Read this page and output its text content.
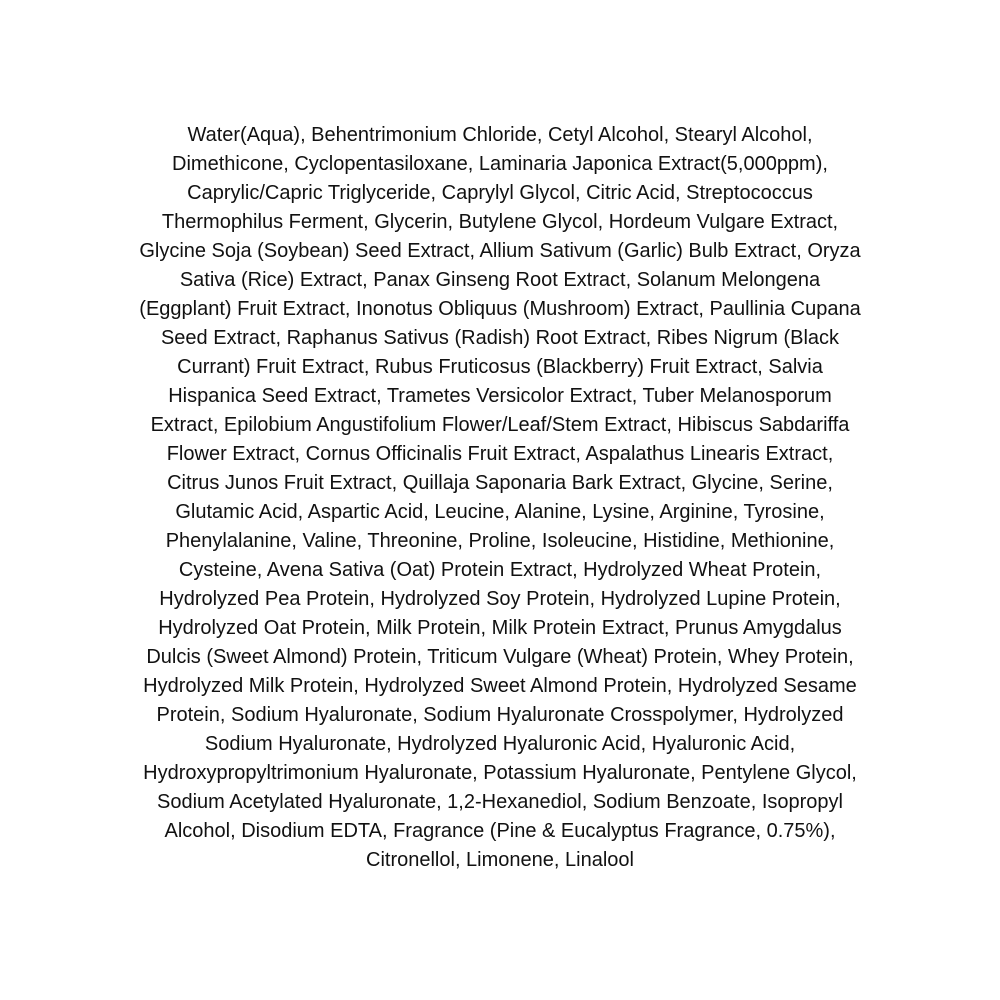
Water(Aqua), Behentrimonium Chloride, Cetyl Alcohol, Stearyl Alcohol,
Dimethicone, Cyclopentasiloxane, Laminaria Japonica Extract(5,000ppm),
Caprylic/Capric Triglyceride, Caprylyl Glycol, Citric Acid, Streptococcus
Thermophilus Ferment, Glycerin, Butylene Glycol, Hordeum Vulgare Extract,
Glycine Soja (Soybean) Seed Extract, Allium Sativum (Garlic) Bulb Extract, Oryza
Sativa (Rice) Extract, Panax Ginseng Root Extract, Solanum Melongena
(Eggplant) Fruit Extract, Inonotus Obliquus (Mushroom) Extract, Paullinia Cupana
Seed Extract, Raphanus Sativus (Radish) Root Extract, Ribes Nigrum (Black
Currant) Fruit Extract, Rubus Fruticosus (Blackberry) Fruit Extract, Salvia
Hispanica Seed Extract, Trametes Versicolor Extract, Tuber Melanosporum
Extract, Epilobium Angustifolium Flower/Leaf/Stem Extract, Hibiscus Sabdariffa
Flower Extract, Cornus Officinalis Fruit Extract, Aspalathus Linearis Extract,
Citrus Junos Fruit Extract, Quillaja Saponaria Bark Extract, Glycine, Serine,
Glutamic Acid, Aspartic Acid, Leucine, Alanine, Lysine, Arginine, Tyrosine,
Phenylalanine, Valine, Threonine, Proline, Isoleucine, Histidine, Methionine,
Cysteine, Avena Sativa (Oat) Protein Extract, Hydrolyzed Wheat Protein,
Hydrolyzed Pea Protein, Hydrolyzed Soy Protein, Hydrolyzed Lupine Protein,
Hydrolyzed Oat Protein, Milk Protein, Milk Protein Extract, Prunus Amygdalus
Dulcis (Sweet Almond) Protein, Triticum Vulgare (Wheat) Protein, Whey Protein,
Hydrolyzed Milk Protein, Hydrolyzed Sweet Almond Protein, Hydrolyzed Sesame
Protein, Sodium Hyaluronate, Sodium Hyaluronate Crosspolymer, Hydrolyzed
Sodium Hyaluronate, Hydrolyzed Hyaluronic Acid, Hyaluronic Acid,
Hydroxypropyltrimonium Hyaluronate, Potassium Hyaluronate, Pentylene Glycol,
Sodium Acetylated Hyaluronate, 1,2-Hexanediol, Sodium Benzoate, Isopropyl
Alcohol, Disodium EDTA, Fragrance (Pine & Eucalyptus Fragrance, 0.75%),
Citronellol, Limonene, Linalool
